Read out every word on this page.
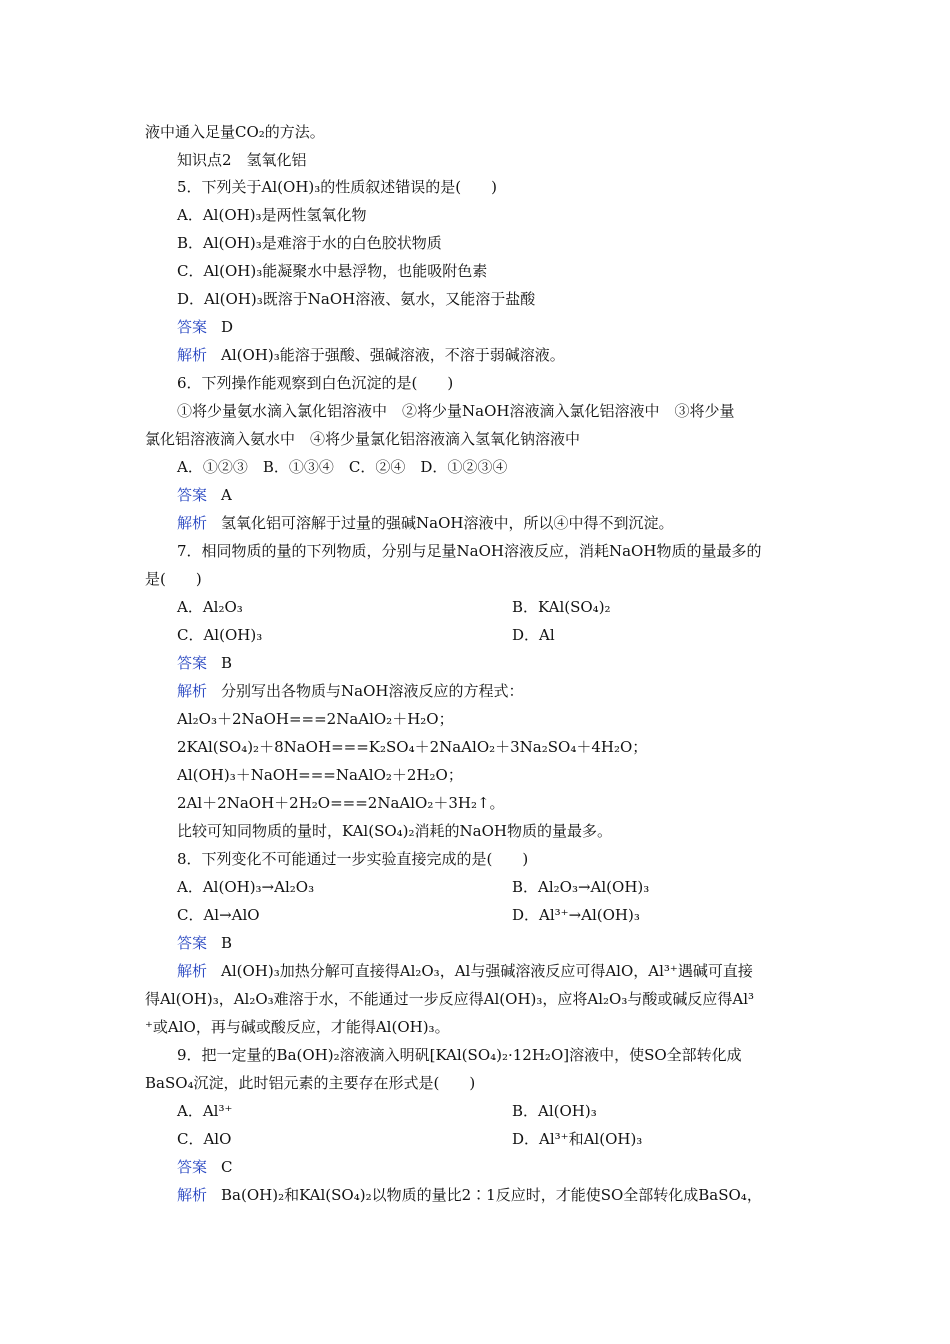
液中通入足量CO₂的方法。
知识点2　氢氧化铝
5．下列关于Al(OH)₃的性质叙述错误的是(　　)
A．Al(OH)₃是两性氢氧化物
B．Al(OH)₃是难溶于水的白色胶状物质
C．Al(OH)₃能凝聚水中悬浮物，也能吸附色素
D．Al(OH)₃既溶于NaOH溶液、氨水，又能溶于盐酸
答案 D
解析 Al(OH)₃能溶于强酸、强碱溶液，不溶于弱碱溶液。
6．下列操作能观察到白色沉淀的是(　　)
①将少量氨水滴入氯化铝溶液中　②将少量NaOH溶液滴入氯化铝溶液中　③将少量
氯化铝溶液滴入氨水中　④将少量氯化铝溶液滴入氢氧化钠溶液中
A．①②③　B．①③④　C．②④　D．①②③④
答案 A
解析 氢氧化铝可溶解于过量的强碱NaOH溶液中，所以④中得不到沉淀。
7．相同物质的量的下列物质，分别与足量NaOH溶液反应，消耗NaOH物质的量最多的
是(　　)
A．Al₂O₃	B．KAl(SO₄)₂
C．Al(OH)₃	D．Al
答案 B
解析 分别写出各物质与NaOH溶液反应的方程式：
Al₂O₃＋2NaOH===2NaAlO₂＋H₂O；
2KAl(SO₄)₂＋8NaOH===K₂SO₄＋2NaAlO₂＋3Na₂SO₄＋4H₂O；
Al(OH)₃＋NaOH===NaAlO₂＋2H₂O；
2Al＋2NaOH＋2H₂O===2NaAlO₂＋3H₂↑。
比较可知同物质的量时，KAl(SO₄)₂消耗的NaOH物质的量最多。
8．下列变化不可能通过一步实验直接完成的是(　　)
A．Al(OH)₃→Al₂O₃	B．Al₂O₃→Al(OH)₃
C．Al→AlO	D．Al³⁺→Al(OH)₃
答案 B
解析 Al(OH)₃加热分解可直接得Al₂O₃，Al与强碱溶液反应可得AlO，Al³⁺遇碱可直接
得Al(OH)₃，Al₂O₃难溶于水，不能通过一步反应得Al(OH)₃，应将Al₂O₃与酸或碱反应得Al³
⁺或AlO，再与碱或酸反应，才能得Al(OH)₃。
9．把一定量的Ba(OH)₂溶液滴入明矾[KAl(SO₄)₂·12H₂O]溶液中，使SO全部转化成
BaSO₄沉淀，此时铝元素的主要存在形式是(　　)
A．Al³⁺	B．Al(OH)₃
C．AlO	D．Al³⁺和Al(OH)₃
答案 C
解析 Ba(OH)₂和KAl(SO₄)₂以物质的量比2∶1反应时，才能使SO全部转化成BaSO₄，
